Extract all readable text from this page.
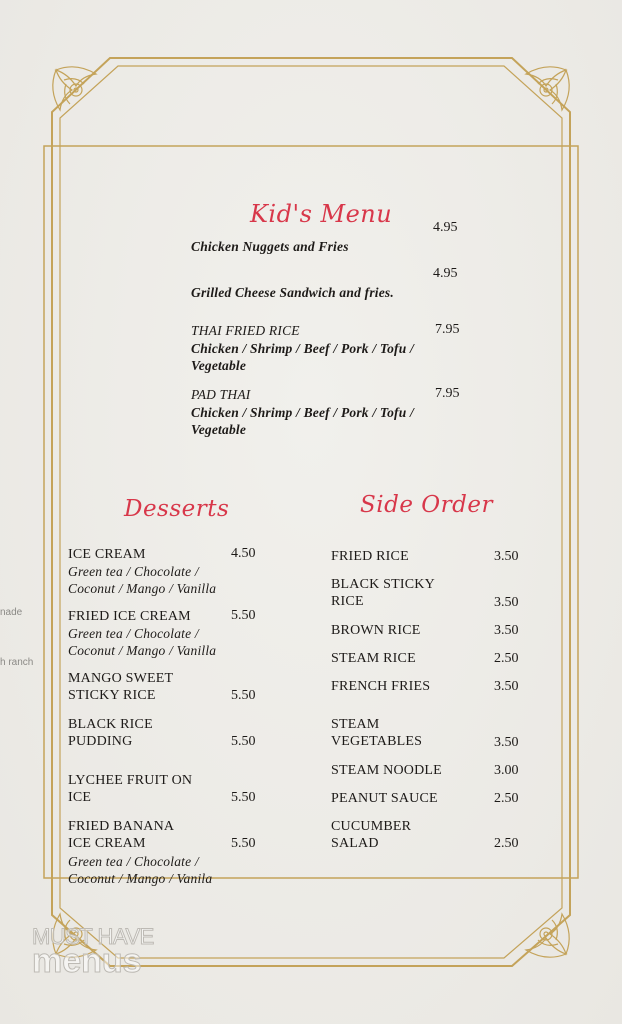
nade
h ranch
Kid's Menu	4.95
Chicken Nuggets and Fries
4.95
Grilled Cheese Sandwich and fries.
THAI FRIED RICE	7.95
Chicken / Shrimp / Beef / Pork / Tofu /
Vegetable
PAD THAI	7.95
Chicken / Shrimp / Beef / Pork / Tofu /
Vegetable
Desserts
ICE CREAM	4.50
Green tea / Chocolate /
Coconut / Mango / Vanilla
FRIED ICE CREAM	5.50
Green tea / Chocolate /
Coconut / Mango / Vanilla
MANGO SWEET
STICKY RICE	5.50
BLACK RICE
PUDDING	5.50
LYCHEE FRUIT ON
ICE	5.50
FRIED BANANA
ICE CREAM	5.50
Green tea / Chocolate /
Coconut / Mango / Vanila
Side Order
FRIED RICE	3.50
BLACK STICKY
RICE	3.50
BROWN RICE	3.50
STEAM RICE	2.50
FRENCH FRIES	3.50
STEAM
VEGETABLES	3.50
STEAM NOODLE	3.00
PEANUT SAUCE	2.50
CUCUMBER
SALAD	2.50
MUST HAVE
menus
